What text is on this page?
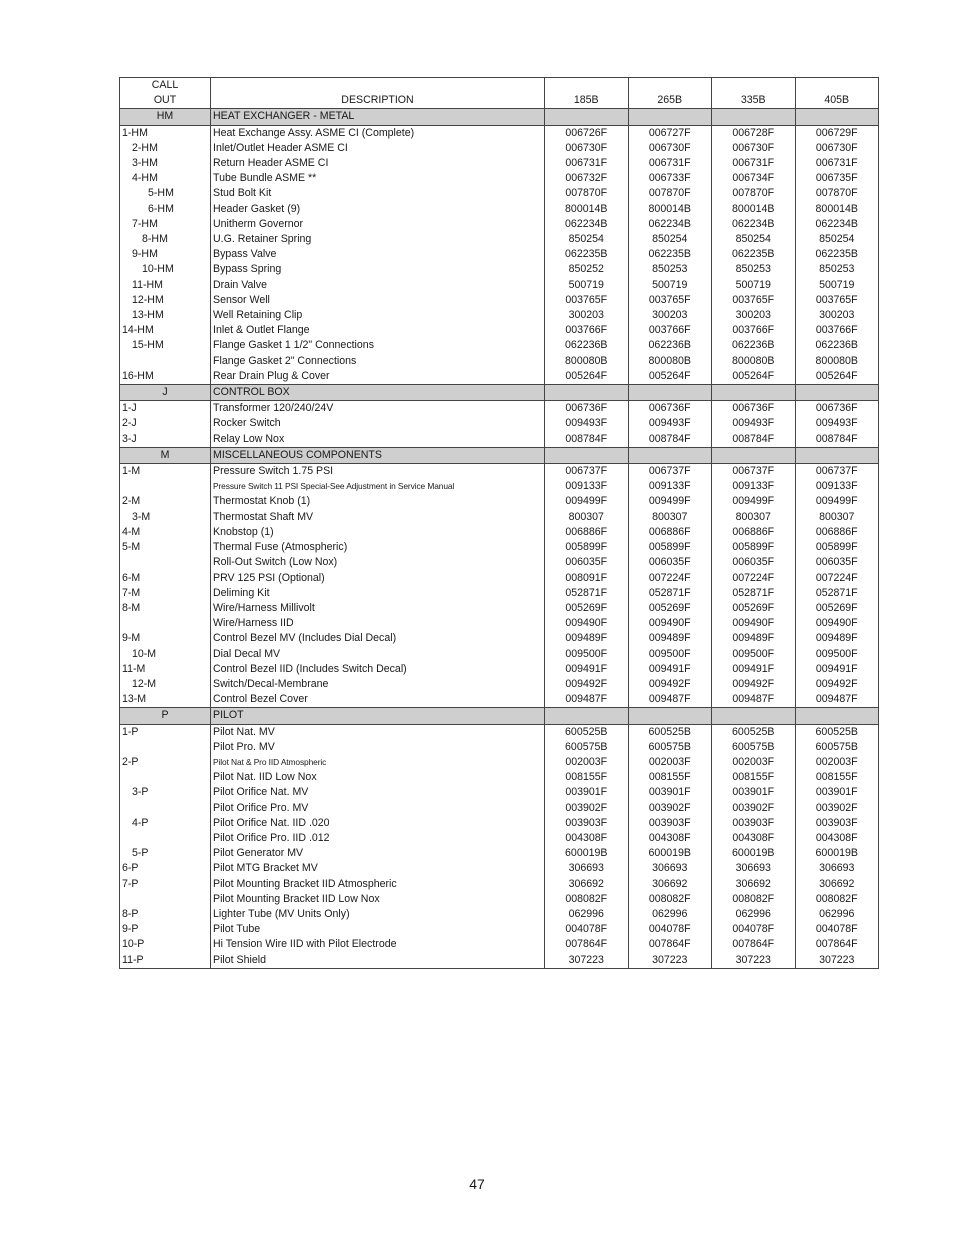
CALL					
OUT	DESCRIPTION	185B	265B	335B	405B
HM	HEAT EXCHANGER - METAL				
1-HM	Heat Exchange Assy. ASME CI (Complete)	006726F	006727F	006728F	006729F
2-HM	Inlet/Outlet Header ASME CI	006730F	006730F	006730F	006730F
3-HM	Return Header ASME CI	006731F	006731F	006731F	006731F
4-HM	Tube Bundle ASME **	006732F	006733F	006734F	006735F
5-HM	Stud Bolt Kit	007870F	007870F	007870F	007870F
6-HM	Header Gasket (9)	800014B	800014B	800014B	800014B
7-HM	Unitherm Governor	062234B	062234B	062234B	062234B
8-HM	U.G. Retainer Spring	850254	850254	850254	850254
9-HM	Bypass Valve	062235B	062235B	062235B	062235B
10-HM	Bypass Spring	850252	850253	850253	850253
11-HM	Drain Valve	500719	500719	500719	500719
12-HM	Sensor Well	003765F	003765F	003765F	003765F
13-HM	Well Retaining Clip	300203	300203	300203	300203
14-HM	Inlet & Outlet Flange	003766F	003766F	003766F	003766F
15-HM	Flange Gasket 1 1/2" Connections	062236B	062236B	062236B	062236B
	Flange Gasket 2" Connections	800080B	800080B	800080B	800080B
16-HM	Rear Drain Plug & Cover	005264F	005264F	005264F	005264F
J	CONTROL BOX				
1-J	Transformer 120/240/24V	006736F	006736F	006736F	006736F
2-J	Rocker Switch	009493F	009493F	009493F	009493F
3-J	Relay Low Nox	008784F	008784F	008784F	008784F
M	MISCELLANEOUS COMPONENTS				
1-M	Pressure Switch 1.75 PSI	006737F	006737F	006737F	006737F
	Pressure Switch 11 PSI Special-See Adjustment in Service Manual	009133F	009133F	009133F	009133F
2-M	Thermostat Knob (1)	009499F	009499F	009499F	009499F
3-M	Thermostat Shaft MV	800307	800307	800307	800307
4-M	Knobstop (1)	006886F	006886F	006886F	006886F
5-M	Thermal Fuse (Atmospheric)	005899F	005899F	005899F	005899F
	Roll-Out Switch (Low Nox)	006035F	006035F	006035F	006035F
6-M	PRV 125 PSI (Optional)	008091F	007224F	007224F	007224F
7-M	Deliming Kit	052871F	052871F	052871F	052871F
8-M	Wire/Harness Millivolt	005269F	005269F	005269F	005269F
	Wire/Harness IID	009490F	009490F	009490F	009490F
9-M	Control Bezel MV (Includes Dial Decal)	009489F	009489F	009489F	009489F
10-M	Dial Decal MV	009500F	009500F	009500F	009500F
11-M	Control Bezel IID (Includes Switch Decal)	009491F	009491F	009491F	009491F
12-M	Switch/Decal-Membrane	009492F	009492F	009492F	009492F
13-M	Control Bezel Cover	009487F	009487F	009487F	009487F
P	PILOT				
1-P	Pilot Nat. MV	600525B	600525B	600525B	600525B
	Pilot Pro. MV	600575B	600575B	600575B	600575B
2-P	Pilot Nat & Pro IID Atmospheric	002003F	002003F	002003F	002003F
	Pilot Nat. IID Low Nox	008155F	008155F	008155F	008155F
3-P	Pilot Orifice Nat. MV	003901F	003901F	003901F	003901F
	Pilot Orifice Pro. MV	003902F	003902F	003902F	003902F
4-P	Pilot Orifice Nat. IID .020	003903F	003903F	003903F	003903F
	Pilot Orifice Pro. IID .012	004308F	004308F	004308F	004308F
5-P	Pilot Generator MV	600019B	600019B	600019B	600019B
6-P	Pilot MTG Bracket MV	306693	306693	306693	306693
7-P	Pilot Mounting Bracket IID Atmospheric	306692	306692	306692	306692
	Pilot Mounting Bracket IID Low Nox	008082F	008082F	008082F	008082F
8-P	Lighter Tube (MV Units Only)	062996	062996	062996	062996
9-P	Pilot Tube	004078F	004078F	004078F	004078F
10-P	Hi Tension Wire IID with Pilot Electrode	007864F	007864F	007864F	007864F
11-P	Pilot Shield	307223	307223	307223	307223
47
